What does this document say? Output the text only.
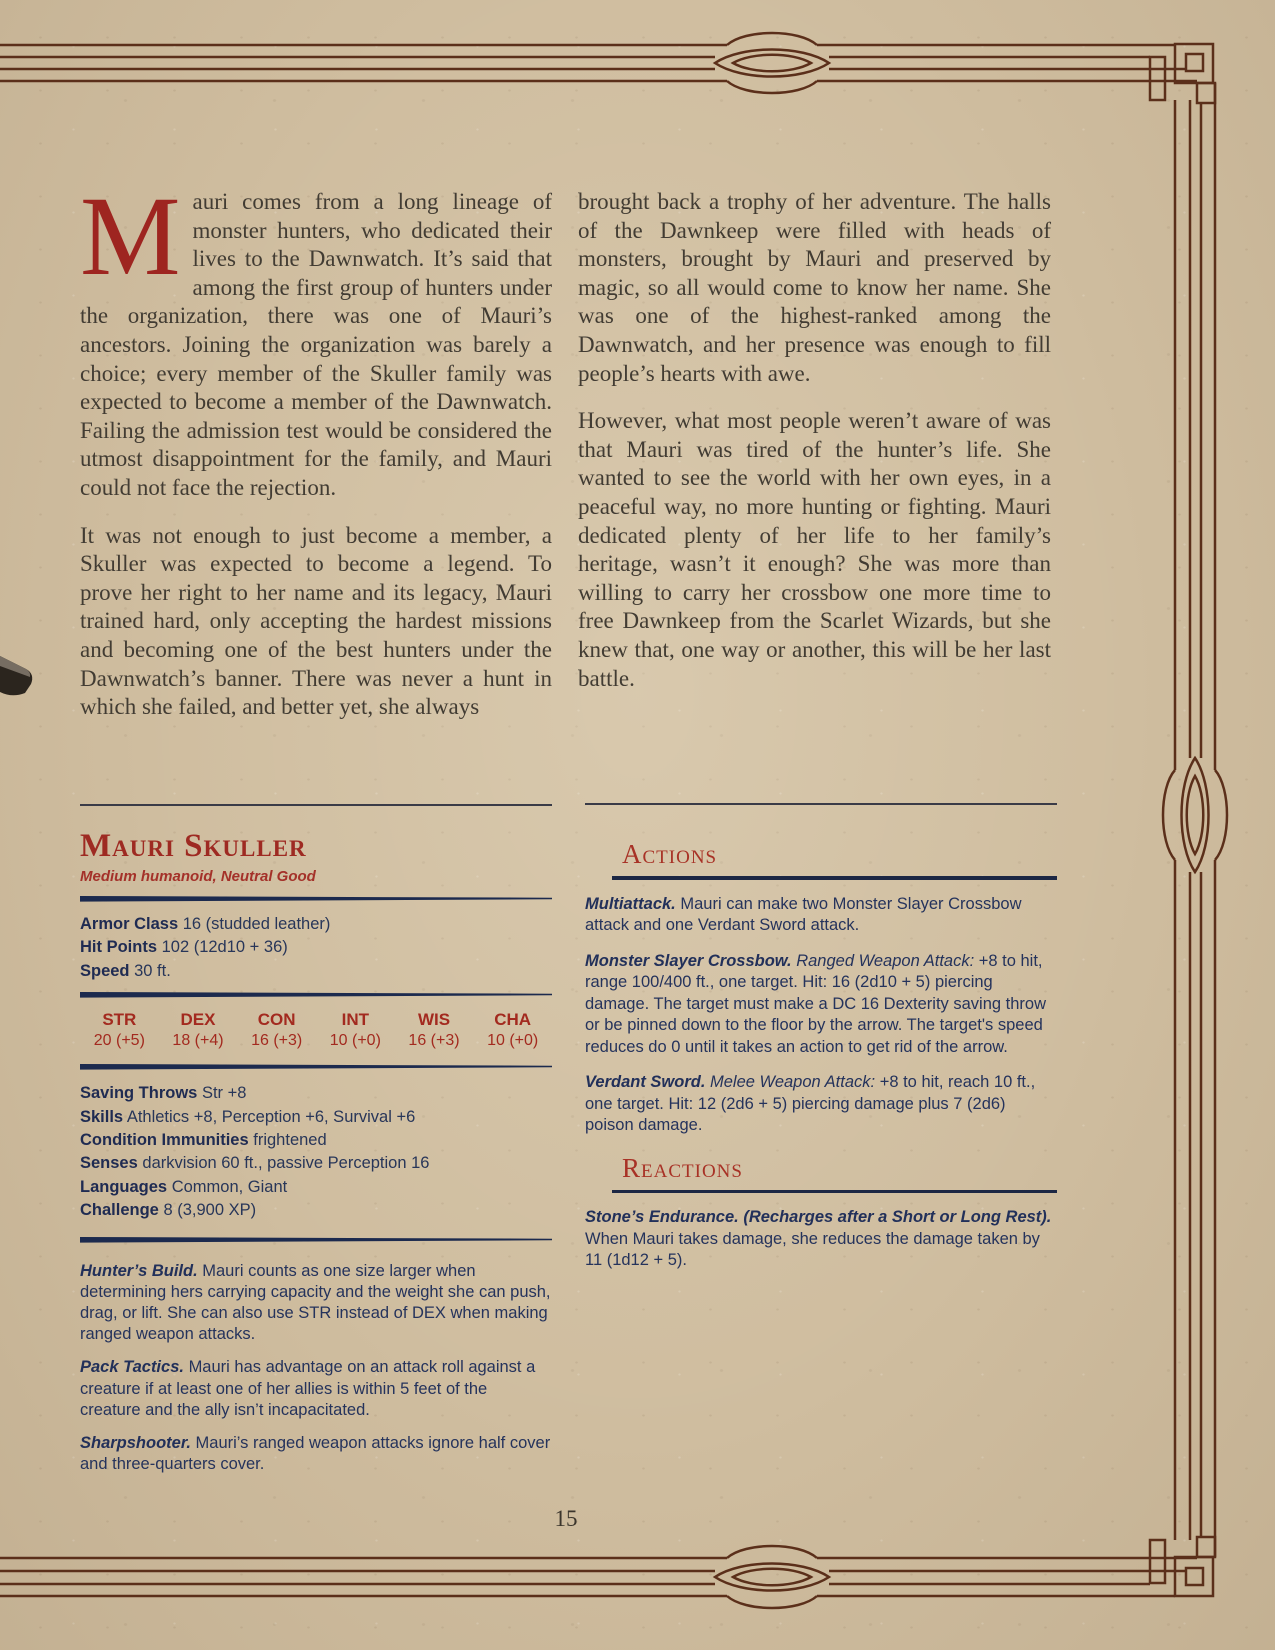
Mauri comes from a long lineage of monster hunters, who dedicated their lives to the Dawnwatch. It’s said that among the first group of hunters under the organization, there was one of Mauri’s ancestors. Joining the organization was barely a choice; every member of the Skuller family was expected to become a member of the Dawnwatch. Failing the admission test would be considered the utmost disappointment for the family, and Mauri could not face the rejection.

It was not enough to just become a member, a Skuller was expected to become a legend. To prove her right to her name and its legacy, Mauri trained hard, only accepting the hardest missions and becoming one of the best hunters under the Dawnwatch’s banner. There was never a hunt in which she failed, and better yet, she always

brought back a trophy of her adventure. The halls of the Dawnkeep were filled with heads of monsters, brought by Mauri and preserved by magic, so all would come to know her name. She was one of the highest-ranked among the Dawnwatch, and her presence was enough to fill people’s hearts with awe.

However, what most people weren’t aware of was that Mauri was tired of the hunter’s life. She wanted to see the world with her own eyes, in a peaceful way, no more hunting or fighting. Mauri dedicated plenty of her life to her family’s heritage, wasn’t it enough? She was more than willing to carry her crossbow one more time to free Dawnkeep from the Scarlet Wizards, but she knew that, one way or another, this will be her last battle.

Mauri Skuller
Medium humanoid, Neutral Good
Armor Class 16 (studded leather)
Hit Points 102 (12d10 + 36)
Speed 30 ft.
STR
20 (+5)
DEX
18 (+4)
CON
16 (+3)
INT
10 (+0)
WIS
16 (+3)
CHA
10 (+0)
Saving Throws Str +8
Skills Athletics +8, Perception +6, Survival +6
Condition Immunities frightened
Senses darkvision 60 ft., passive Perception 16
Languages Common, Giant
Challenge 8 (3,900 XP)

Hunter’s Build. Mauri counts as one size larger when determining hers carrying capacity and the weight she can push, drag, or lift. She can also use STR instead of DEX when making ranged weapon attacks.

Pack Tactics. Mauri has advantage on an attack roll against a creature if at least one of her allies is within 5 feet of the creature and the ally isn’t incapacitated.

Sharpshooter. Mauri’s ranged weapon attacks ignore half cover and three-quarters cover.

Actions

Multiattack. Mauri can make two Monster Slayer Crossbow attack and one Verdant Sword attack.

Monster Slayer Crossbow. Ranged Weapon Attack: +8 to hit, range 100/400 ft., one target. Hit: 16 (2d10 + 5) piercing damage. The target must make a DC 16 Dexterity saving throw or be pinned down to the floor by the arrow. The target's speed reduces do 0 until it takes an action to get rid of the arrow.

Verdant Sword. Melee Weapon Attack: +8 to hit, reach 10 ft., one target. Hit: 12 (2d6 + 5) piercing damage plus 7 (2d6) poison damage.

Reactions

Stone’s Endurance. (Recharges after a Short or Long Rest). When Mauri takes damage, she reduces the damage taken by 11 (1d12 + 5).

15
